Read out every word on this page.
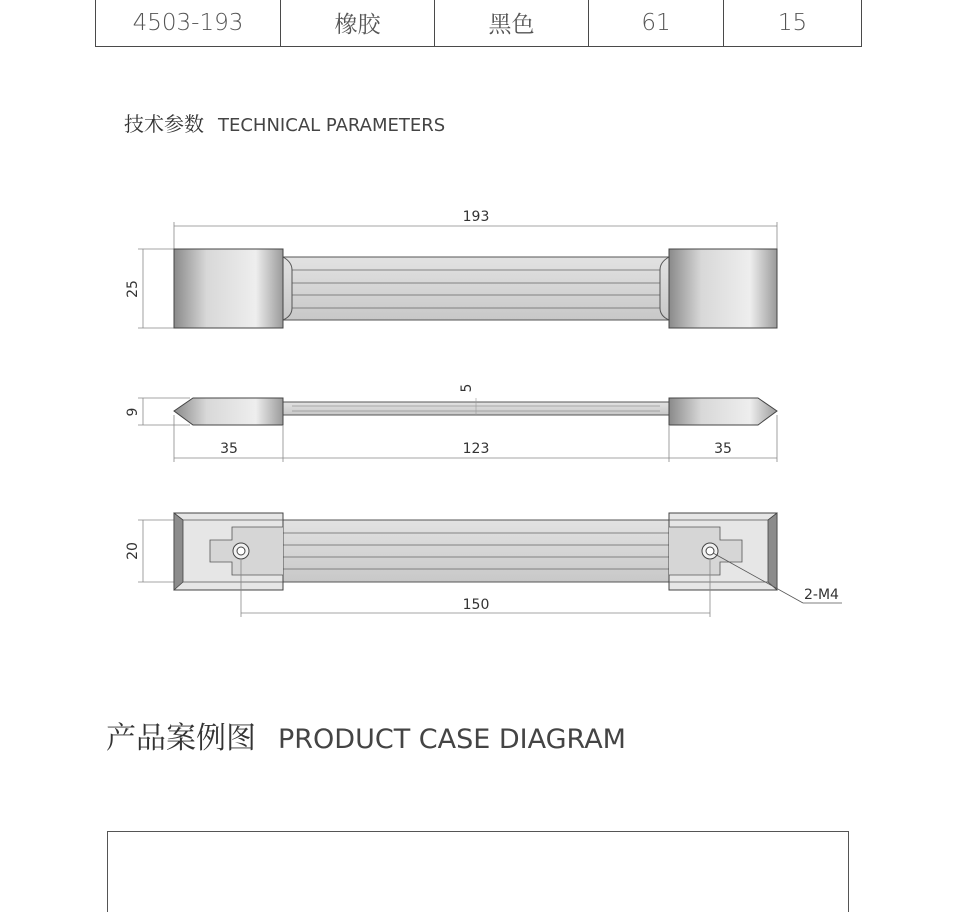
4503-193	橡胶	黑色	61	15
技术参数 TECHNICAL PARAMETERS
193
25
9
5
35	123	35
20
2-M4
150
产品案例图 PRODUCT CASE DIAGRAM
